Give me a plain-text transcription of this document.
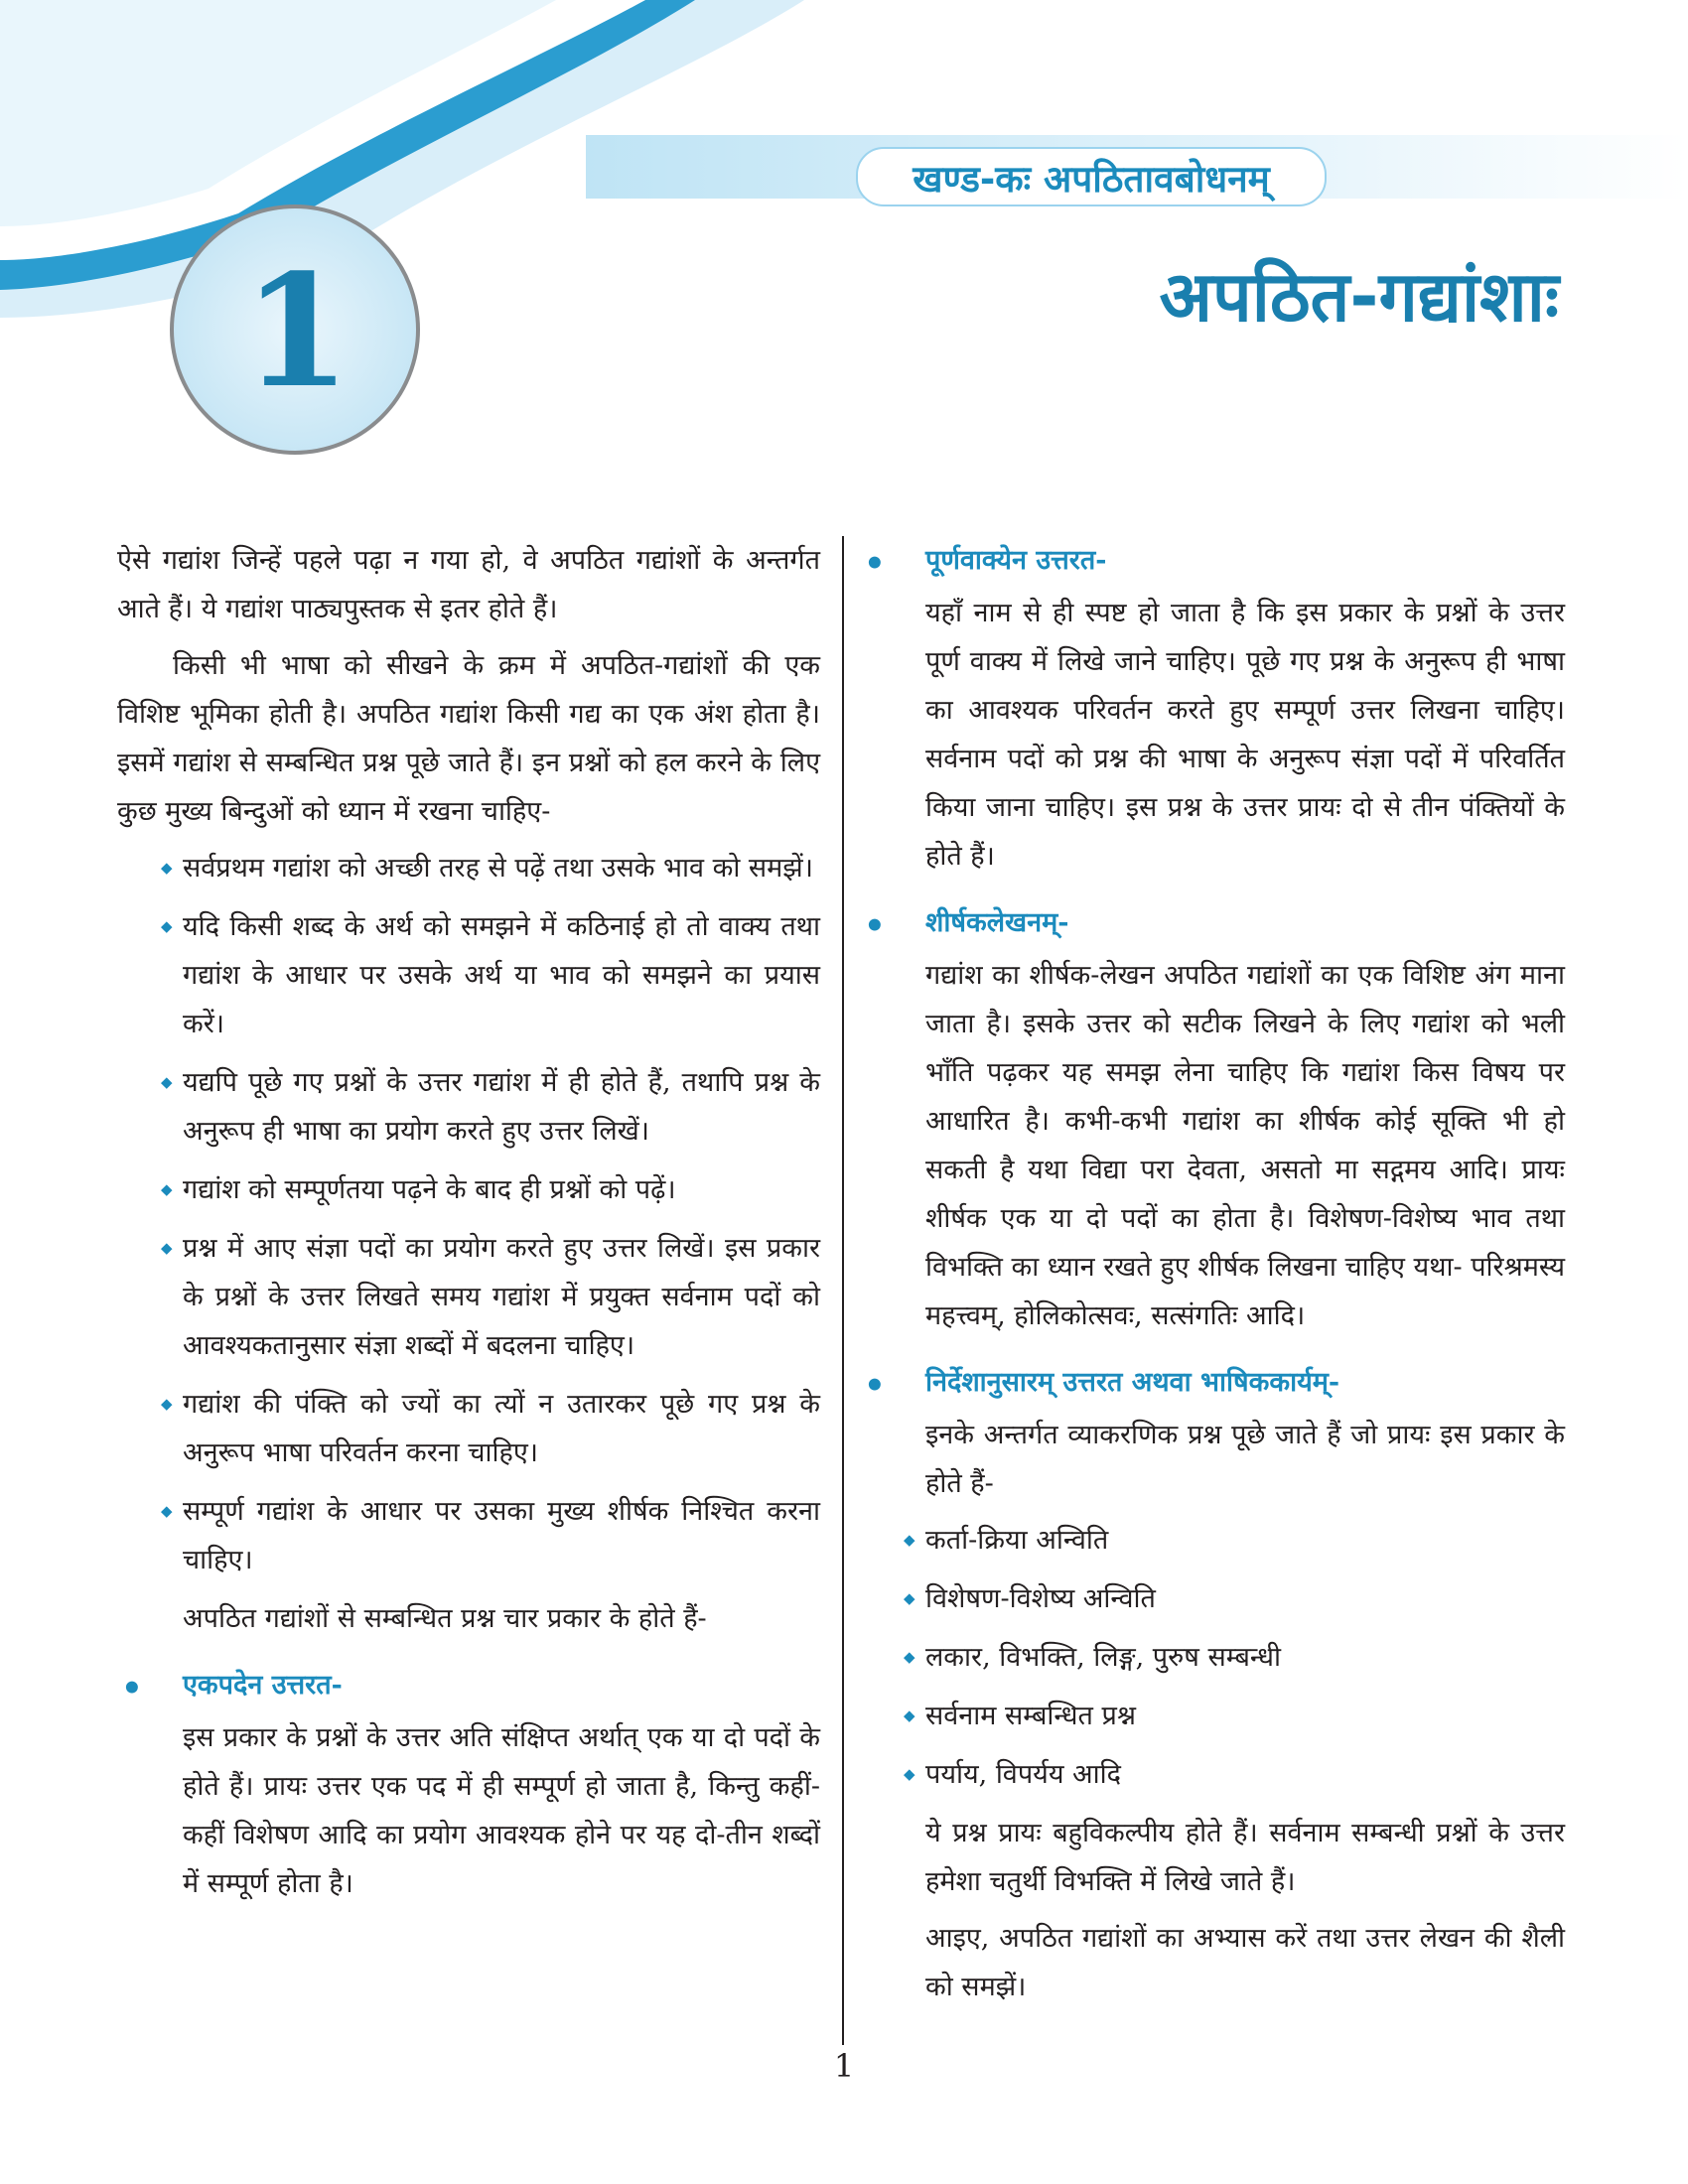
खण्ड-कः अपठितावबोधनम्
1	अपठित-गद्यांशाः

ऐसे गद्यांश जिन्हें पहले पढ़ा न गया हो, वे अपठित गद्यांशों के अन्तर्गत आते हैं। ये गद्यांश पाठ्यपुस्तक से इतर होते हैं।

किसी भी भाषा को सीखने के क्रम में अपठित-गद्यांशों की एक विशिष्ट भूमिका होती है। अपठित गद्यांश किसी गद्य का एक अंश होता है। इसमें गद्यांश से सम्बन्धित प्रश्न पूछे जाते हैं। इन प्रश्नों को हल करने के लिए कुछ मुख्य बिन्दुओं को ध्यान में रखना चाहिए-

◆ सर्वप्रथम गद्यांश को अच्छी तरह से पढ़ें तथा उसके भाव को समझें।
◆ यदि किसी शब्द के अर्थ को समझने में कठिनाई हो तो वाक्य तथा गद्यांश के आधार पर उसके अर्थ या भाव को समझने का प्रयास करें।
◆ यद्यपि पूछे गए प्रश्नों के उत्तर गद्यांश में ही होते हैं, तथापि प्रश्न के अनुरूप ही भाषा का प्रयोग करते हुए उत्तर लिखें।
◆ गद्यांश को सम्पूर्णतया पढ़ने के बाद ही प्रश्नों को पढ़ें।
◆ प्रश्न में आए संज्ञा पदों का प्रयोग करते हुए उत्तर लिखें। इस प्रकार के प्रश्नों के उत्तर लिखते समय गद्यांश में प्रयुक्त सर्वनाम पदों को आवश्यकतानुसार संज्ञा शब्दों में बदलना चाहिए।
◆ गद्यांश की पंक्ति को ज्यों का त्यों न उतारकर पूछे गए प्रश्न के अनुरूप भाषा परिवर्तन करना चाहिए।
◆ सम्पूर्ण गद्यांश के आधार पर उसका मुख्य शीर्षक निश्चित करना चाहिए।

अपठित गद्यांशों से सम्बन्धित प्रश्न चार प्रकार के होते हैं-

• एकपदेन उत्तरत-

इस प्रकार के प्रश्नों के उत्तर अति संक्षिप्त अर्थात् एक या दो पदों के होते हैं। प्रायः उत्तर एक पद में ही सम्पूर्ण हो जाता है, किन्तु कहीं-कहीं विशेषण आदि का प्रयोग आवश्यक होने पर यह दो-तीन शब्दों में सम्पूर्ण होता है।

• पूर्णवाक्येन उत्तरत-

यहाँ नाम से ही स्पष्ट हो जाता है कि इस प्रकार के प्रश्नों के उत्तर पूर्ण वाक्य में लिखे जाने चाहिए। पूछे गए प्रश्न के अनुरूप ही भाषा का आवश्यक परिवर्तन करते हुए सम्पूर्ण उत्तर लिखना चाहिए। सर्वनाम पदों को प्रश्न की भाषा के अनुरूप संज्ञा पदों में परिवर्तित किया जाना चाहिए। इस प्रश्न के उत्तर प्रायः दो से तीन पंक्तियों के होते हैं।

• शीर्षकलेखनम्-

गद्यांश का शीर्षक-लेखन अपठित गद्यांशों का एक विशिष्ट अंग माना जाता है। इसके उत्तर को सटीक लिखने के लिए गद्यांश को भली भाँति पढ़कर यह समझ लेना चाहिए कि गद्यांश किस विषय पर आधारित है। कभी-कभी गद्यांश का शीर्षक कोई सूक्ति भी हो सकती है यथा विद्या परा देवता, असतो मा सद्गमय आदि। प्रायः शीर्षक एक या दो पदों का होता है। विशेषण-विशेष्य भाव तथा विभक्ति का ध्यान रखते हुए शीर्षक लिखना चाहिए यथा- परिश्रमस्य महत्त्वम्, होलिकोत्सवः, सत्संगतिः आदि।

• निर्देशानुसारम् उत्तरत अथवा भाषिककार्यम्-

इनके अन्तर्गत व्याकरणिक प्रश्न पूछे जाते हैं जो प्रायः इस प्रकार के होते हैं-

◆ कर्ता-क्रिया अन्विति
◆ विशेषण-विशेष्य अन्विति
◆ लकार, विभक्ति, लिङ्ग, पुरुष सम्बन्धी
◆ सर्वनाम सम्बन्धित प्रश्न
◆ पर्याय, विपर्यय आदि

ये प्रश्न प्रायः बहुविकल्पीय होते हैं। सर्वनाम सम्बन्धी प्रश्नों के उत्तर हमेशा चतुर्थी विभक्ति में लिखे जाते हैं।

आइए, अपठित गद्यांशों का अभ्यास करें तथा उत्तर लेखन की शैली को समझें।

1
